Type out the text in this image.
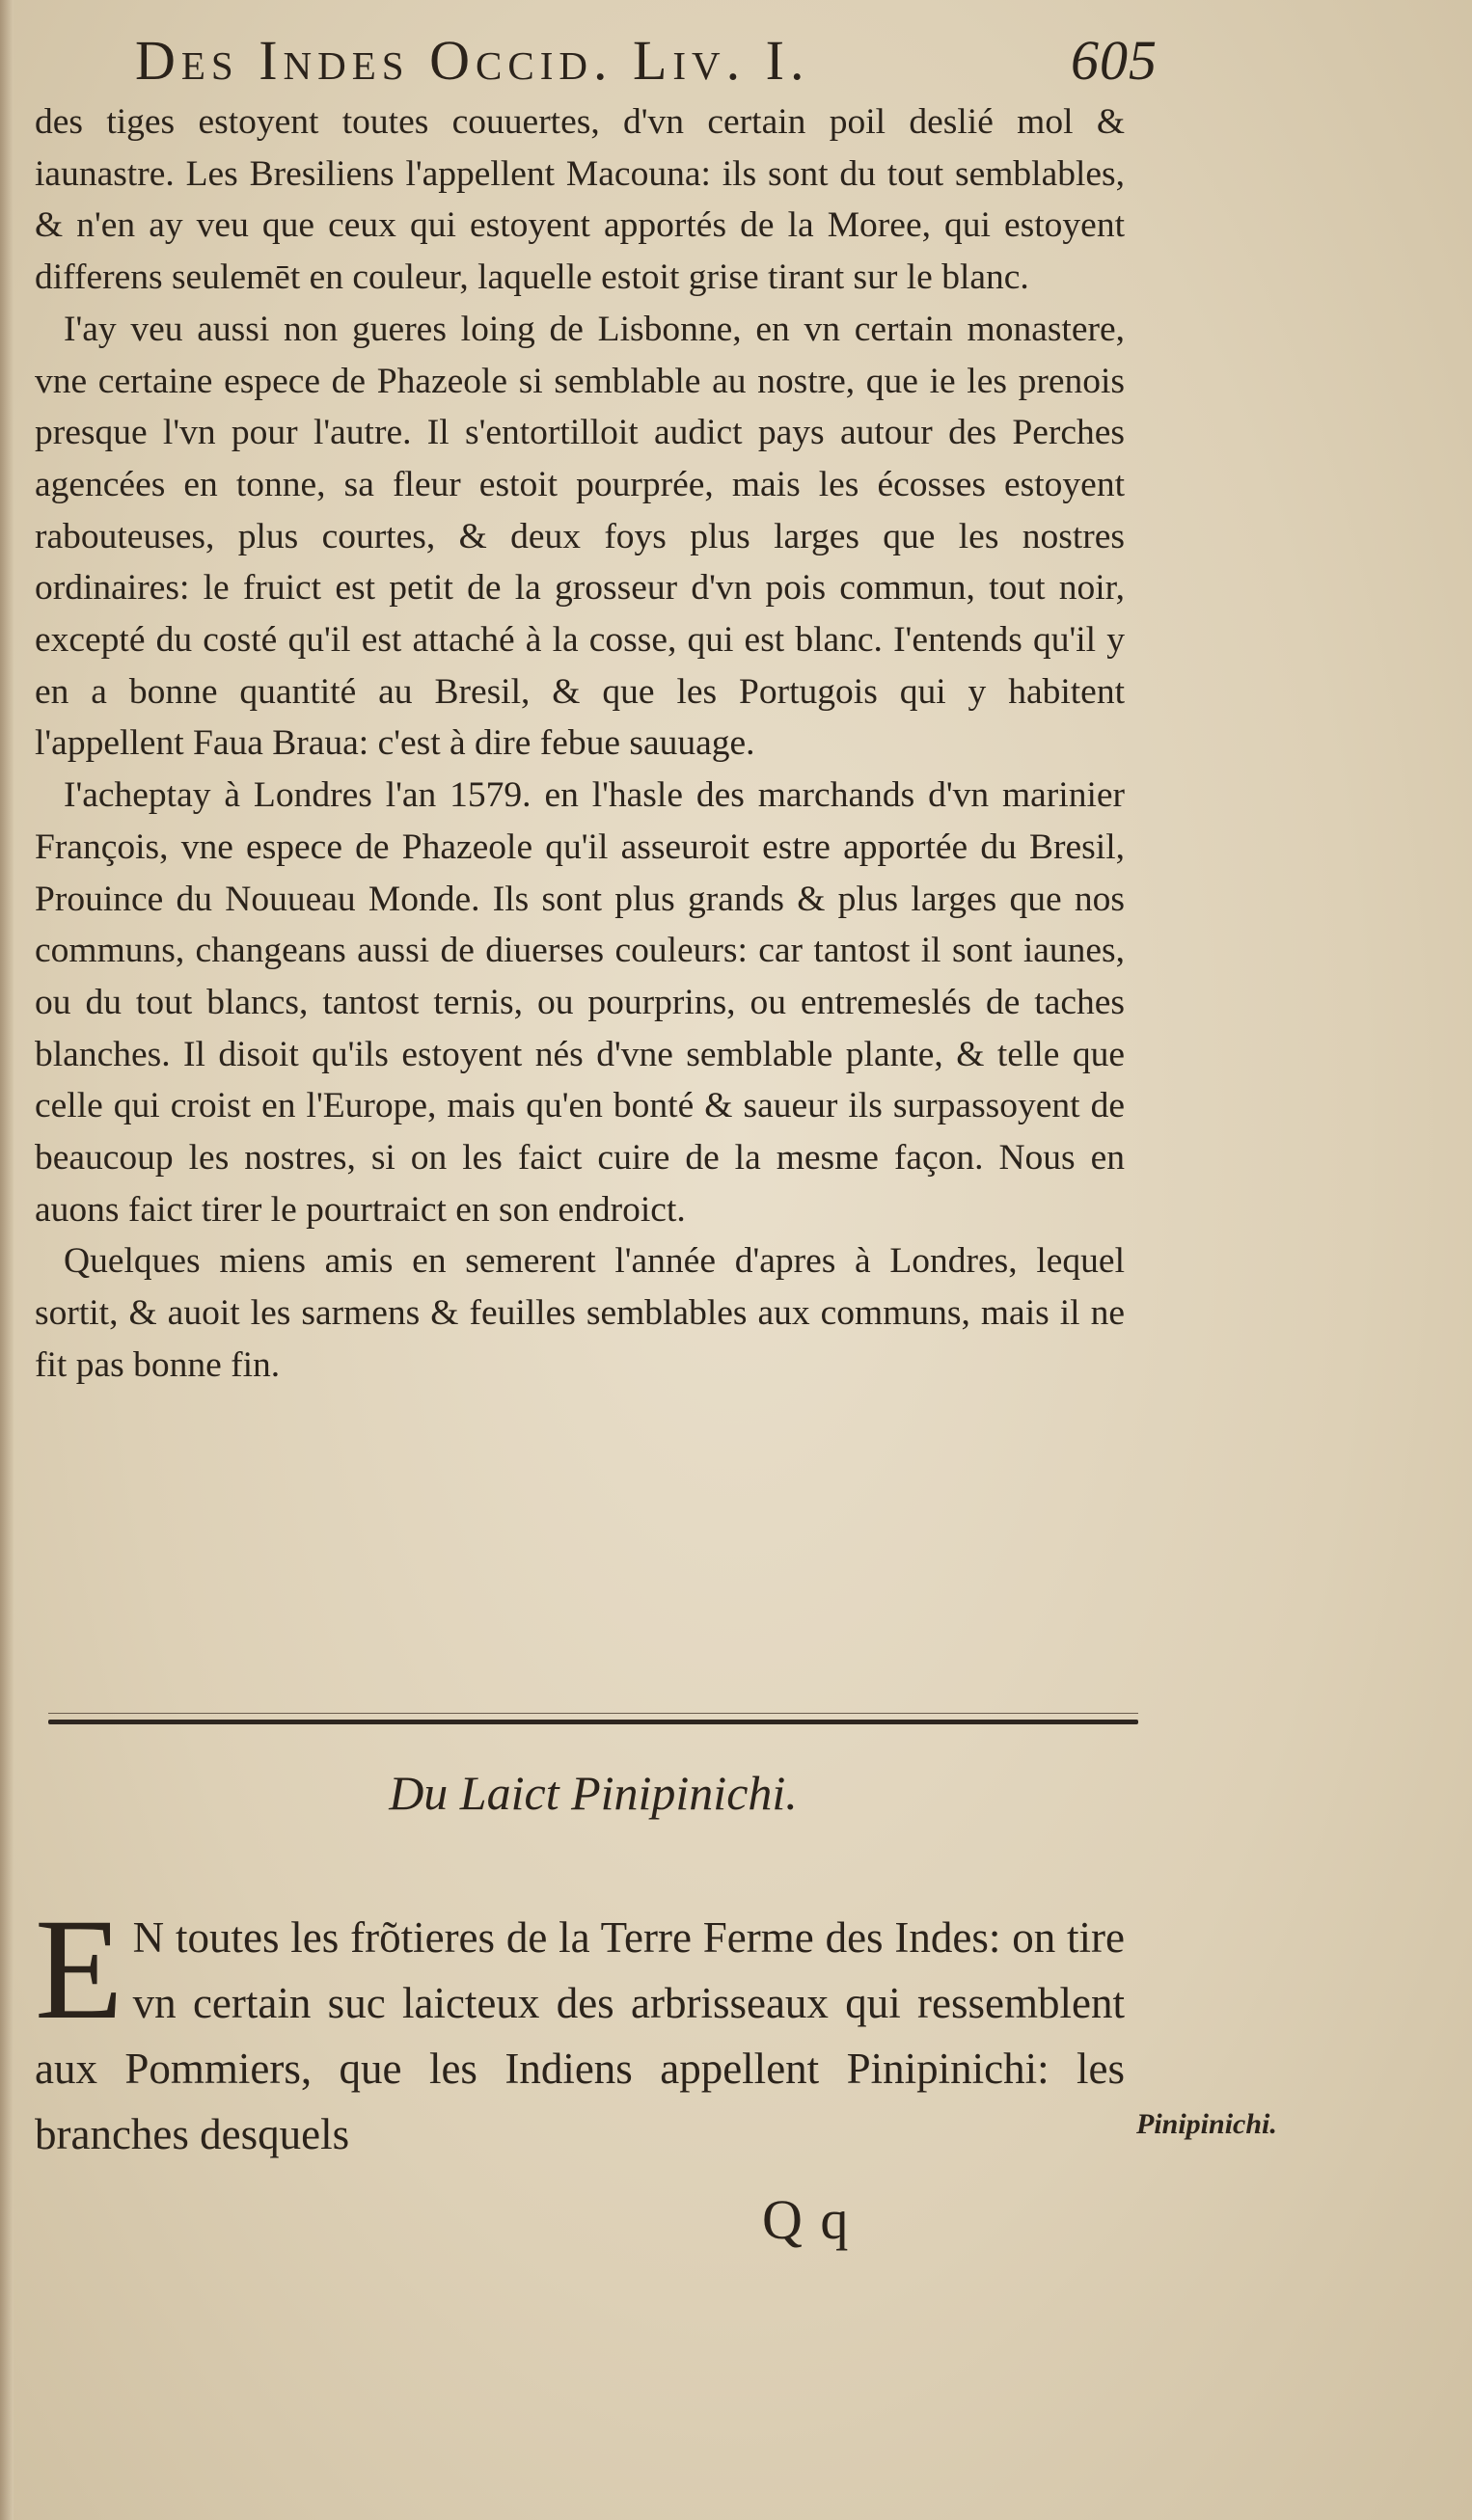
Des Indes Occid. Liv. I.	605

des tiges estoyent toutes couuertes, d'vn certain poil deslié mol & iaunastre. Les Bresiliens l'appellent Macouna: ils sont du tout semblables, & n'en ay veu que ceux qui estoyent apportés de la Moree, qui estoyent differens seulemēt en couleur, laquelle estoit grise tirant sur le blanc.

I'ay veu aussi non gueres loing de Lisbonne, en vn certain monastere, vne certaine espece de Phazeole si semblable au nostre, que ie les prenois presque l'vn pour l'autre. Il s'entortilloit audict pays autour des Perches agencées en tonne, sa fleur estoit pourprée, mais les écosses estoyent rabouteuses, plus courtes, & deux foys plus larges que les nostres ordinaires: le fruict est petit de la grosseur d'vn pois commun, tout noir, excepté du costé qu'il est attaché à la cosse, qui est blanc. I'entends qu'il y en a bonne quantité au Bresil, & que les Portugois qui y habitent l'appellent Faua Braua: c'est à dire febue sauuage.

I'acheptay à Londres l'an 1579. en l'hasle des marchands d'vn marinier François, vne espece de Phazeole qu'il asseuroit estre apportée du Bresil, Prouince du Nouueau Monde. Ils sont plus grands & plus larges que nos communs, changeans aussi de diuerses couleurs: car tantost il sont iaunes, ou du tout blancs, tantost ternis, ou pourprins, ou entremeslés de taches blanches. Il disoit qu'ils estoyent nés d'vne semblable plante, & telle que celle qui croist en l'Europe, mais qu'en bonté & saueur ils surpassoyent de beaucoup les nostres, si on les faict cuire de la mesme façon. Nous en auons faict tirer le pourtraict en son endroict.

Quelques miens amis en semerent l'année d'apres à Londres, lequel sortit, & auoit les sarmens & feuilles semblables aux communs, mais il ne fit pas bonne fin.

Du Laict Pinipinichi.
E N toutes les frõtieres de la Terre Ferme des Indes: on tire vn certain suc laicteux des arbrisseaux qui ressemblent aux Pommiers, que les Indiens appellent Pinipinichi: les branches desquels	Pinipinichi.
Q q
